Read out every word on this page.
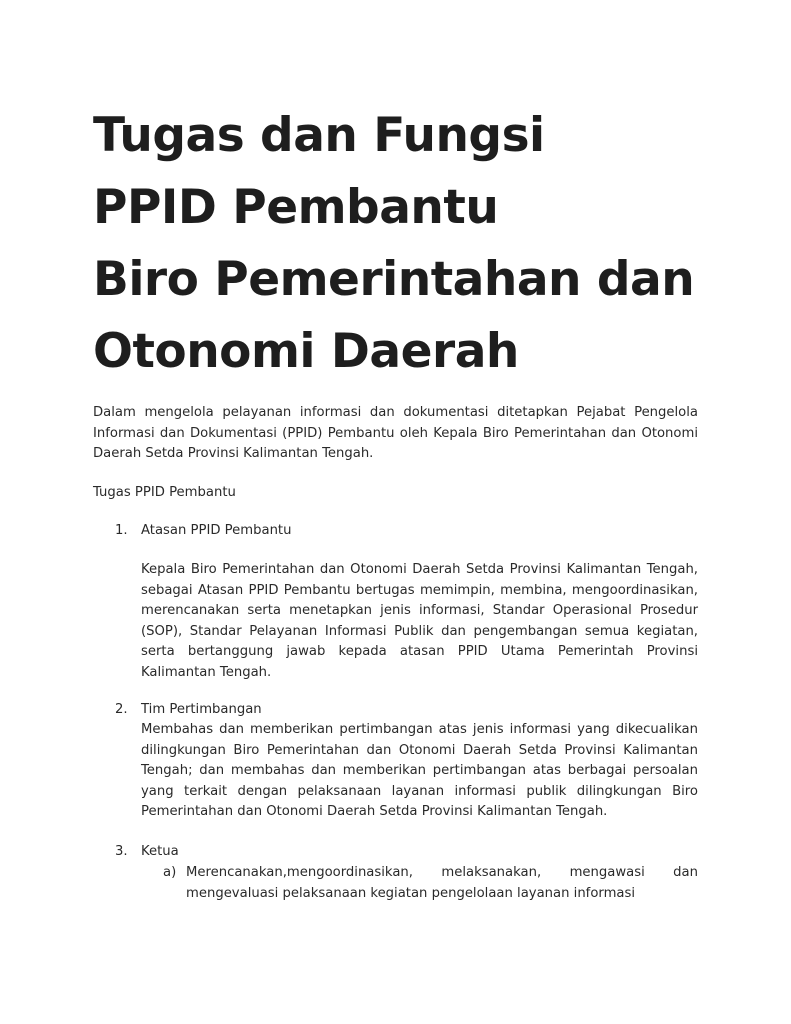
Tugas dan Fungsi
PPID Pembantu
Biro Pemerintahan dan
Otonomi Daerah

Dalam mengelola pelayanan informasi dan dokumentasi ditetapkan Pejabat Pengelola Informasi dan Dokumentasi (PPID) Pembantu oleh Kepala Biro Pemerintahan dan Otonomi Daerah Setda Provinsi Kalimantan Tengah.

Tugas PPID Pembantu

1. Atasan PPID Pembantu

Kepala Biro Pemerintahan dan Otonomi Daerah Setda Provinsi Kalimantan Tengah, sebagai Atasan PPID Pembantu bertugas memimpin, membina, mengoordinasikan, merencanakan serta menetapkan jenis informasi, Standar Operasional Prosedur (SOP), Standar Pelayanan Informasi Publik dan pengembangan semua kegiatan, serta bertanggung jawab kepada atasan PPID Utama Pemerintah Provinsi Kalimantan Tengah.

2. Tim Pertimbangan

Membahas dan memberikan pertimbangan atas jenis informasi yang dikecualikan dilingkungan Biro Pemerintahan dan Otonomi Daerah Setda Provinsi Kalimantan Tengah; dan membahas dan memberikan pertimbangan atas berbagai persoalan yang terkait dengan pelaksanaan layanan informasi publik dilingkungan Biro Pemerintahan dan Otonomi Daerah Setda Provinsi Kalimantan Tengah.

3. Ketua
a) Merencanakan,mengoordinasikan, melaksanakan, mengawasi dan mengevaluasi pelaksanaan kegiatan pengelolaan layanan informasi
